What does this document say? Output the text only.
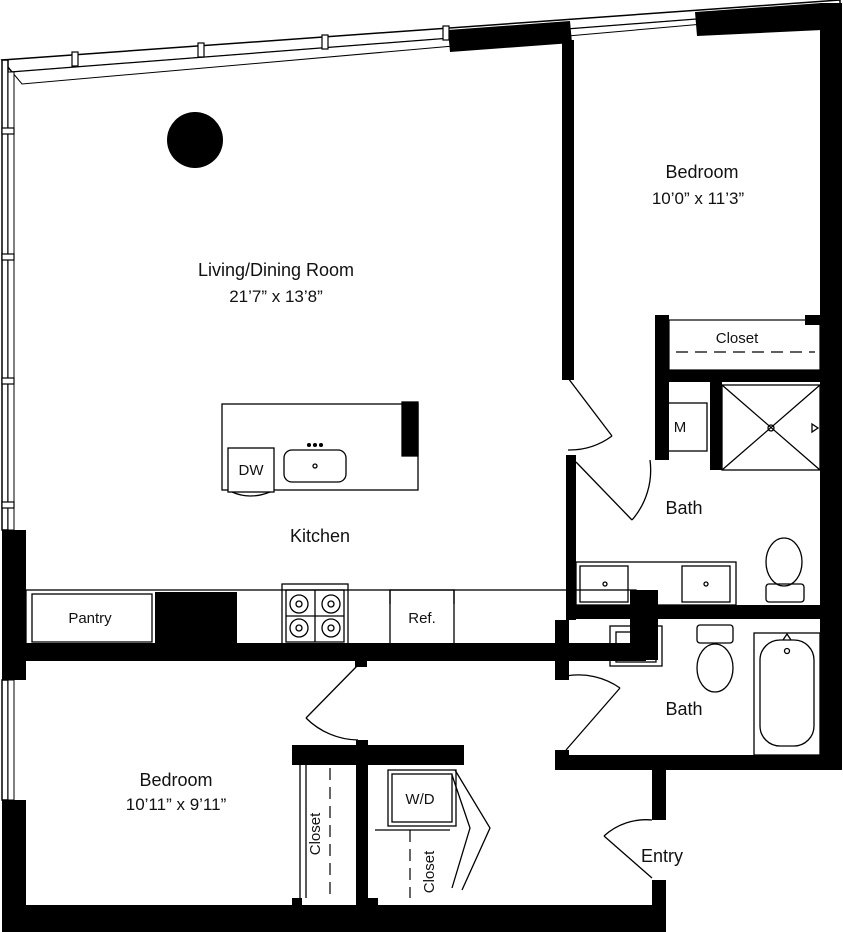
Bedroom
10’0” x 11’3”
Living/Dining Room
21’7” x 13’8”
Kitchen
Bath
Bath
Bedroom
10’11” x 9’11”
Entry
Pantry	Ref.
DW
M
W/D
Closet
Closet
Closet
